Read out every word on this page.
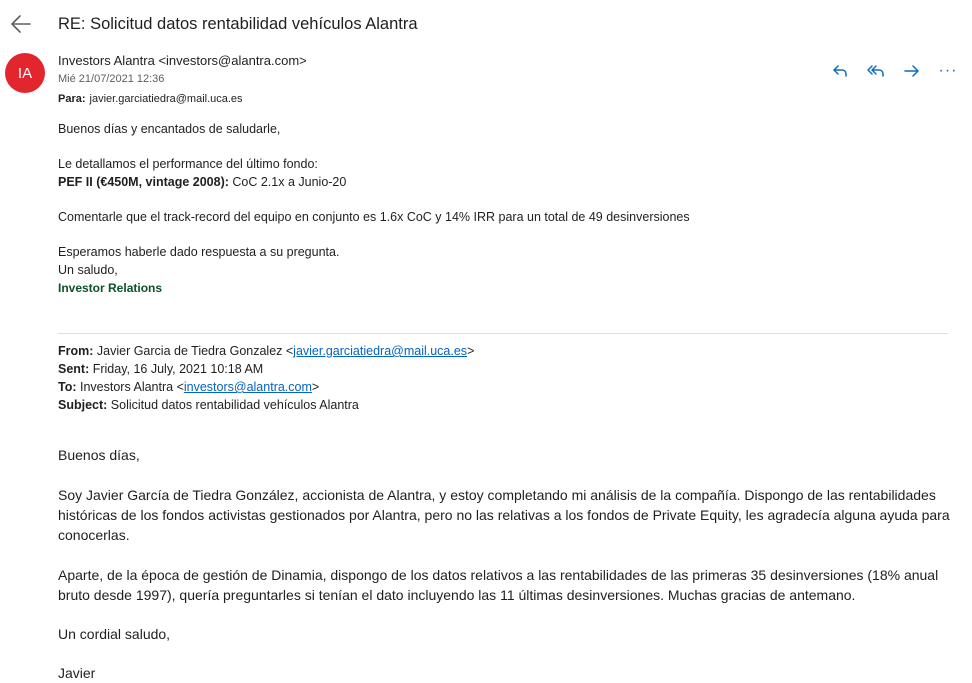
RE: Solicitud datos rentabilidad vehículos Alantra
IA
Investors Alantra <investors@alantra.com>
Mié 21/07/2021 12:36
Para: javier.garciatiedra@mail.uca.es
···

Buenos días y encantados de saludarle,

Le detallamos el performance del último fondo:

PEF II (€450M, vintage 2008): CoC 2.1x a Junio-20

Comentarle que el track-record del equipo en conjunto es 1.6x CoC y 14% IRR para un total de 49 desinversiones

Esperamos haberle dado respuesta a su pregunta.

Un saludo,

Investor Relations

From: Javier Garcia de Tiedra Gonzalez <javier.garciatiedra@mail.uca.es>

Sent: Friday, 16 July, 2021 10:18 AM

To: Investors Alantra <investors@alantra.com>

Subject: Solicitud datos rentabilidad vehículos Alantra

Buenos días,

Soy Javier García de Tiedra González, accionista de Alantra, y estoy completando mi análisis de la compañía. Dispongo de las rentabilidades históricas de los fondos activistas gestionados por Alantra, pero no las relativas a los fondos de Private Equity, les agradecía alguna ayuda para conocerlas.

Aparte, de la época de gestión de Dinamia, dispongo de los datos relativos a las rentabilidades de las primeras 35 desinversiones (18% anual bruto desde 1997), quería preguntarles si tenían el dato incluyendo las 11 últimas desinversiones. Muchas gracias de antemano.

Un cordial saludo,

Javier
